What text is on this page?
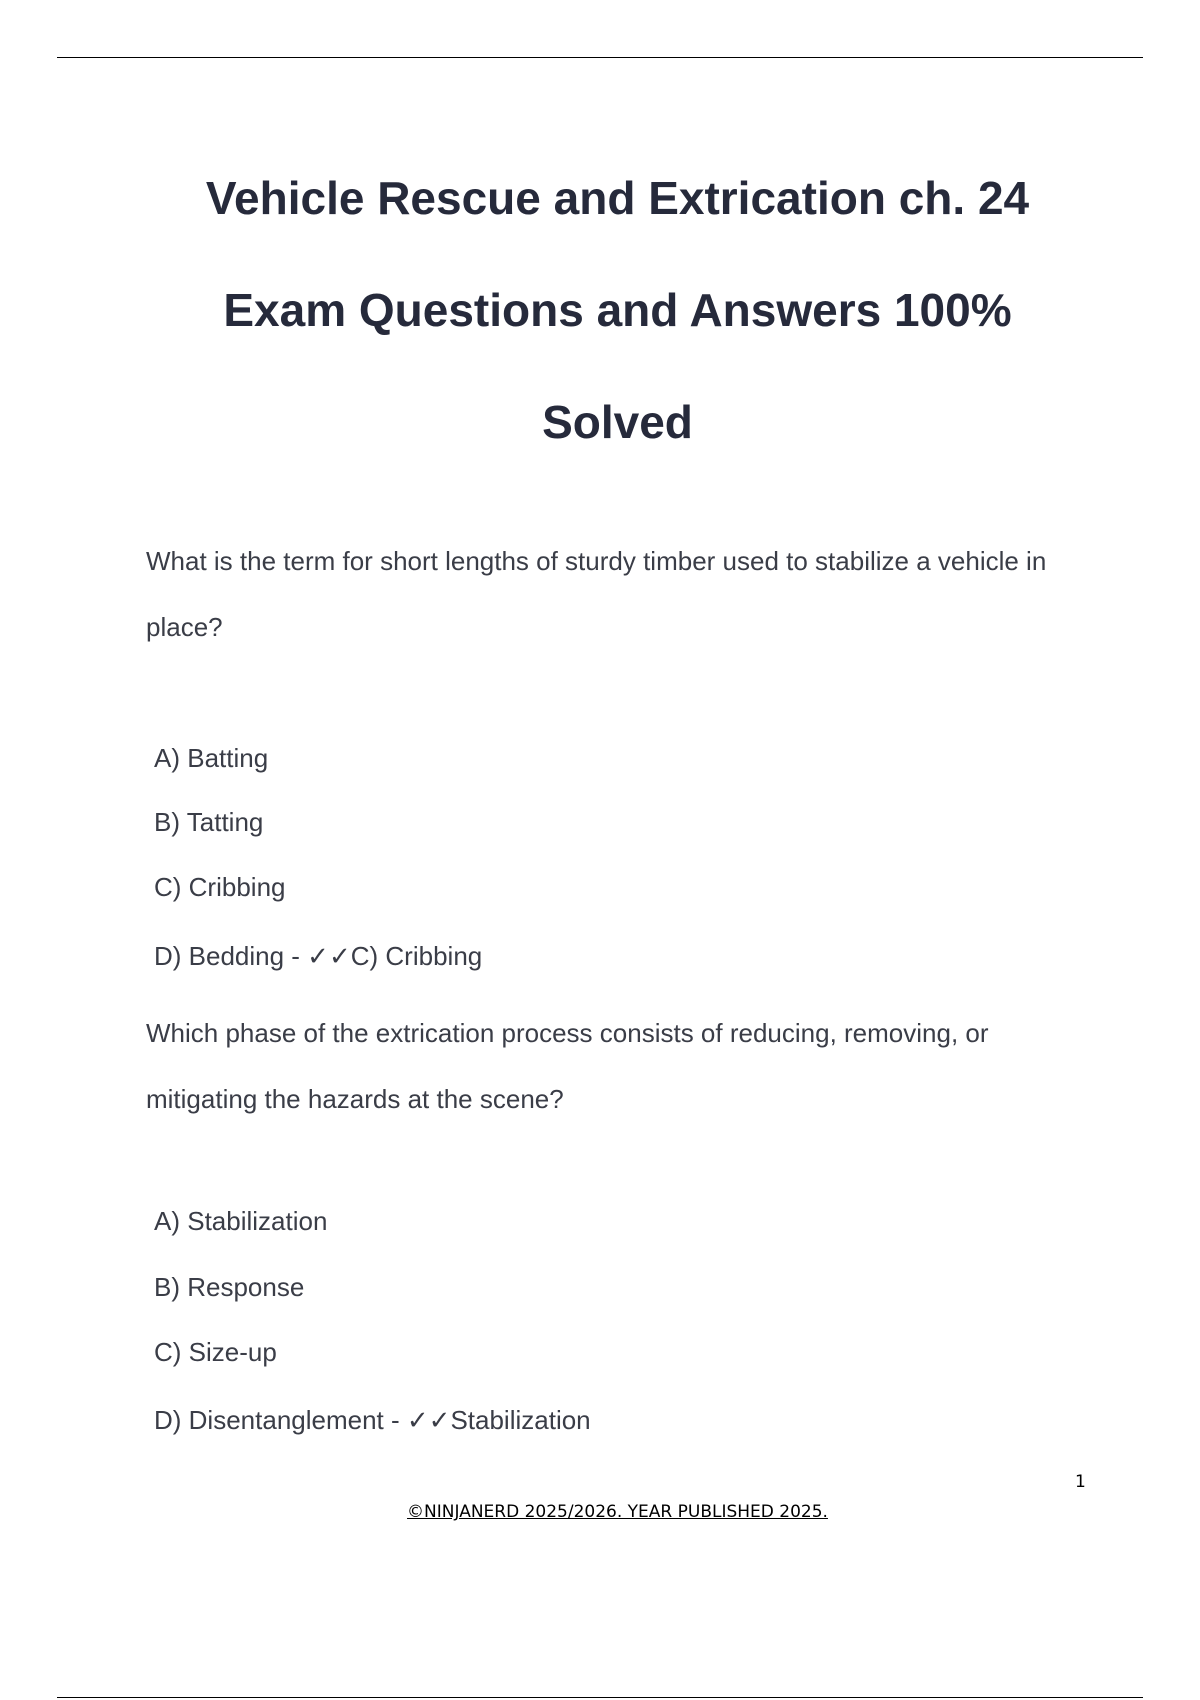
Vehicle Rescue and Extrication ch. 24
Exam Questions and Answers 100%
Solved

What is the term for short lengths of sturdy timber used to stabilize a vehicle in place?

A) Batting

B) Tatting

C) Cribbing

D) Bedding - ✓✓C) Cribbing

Which phase of the extrication process consists of reducing, removing, or mitigating the hazards at the scene?

A) Stabilization

B) Response

C) Size-up

D) Disentanglement - ✓✓Stabilization

1
©NINJANERD 2025/2026. YEAR PUBLISHED 2025.
